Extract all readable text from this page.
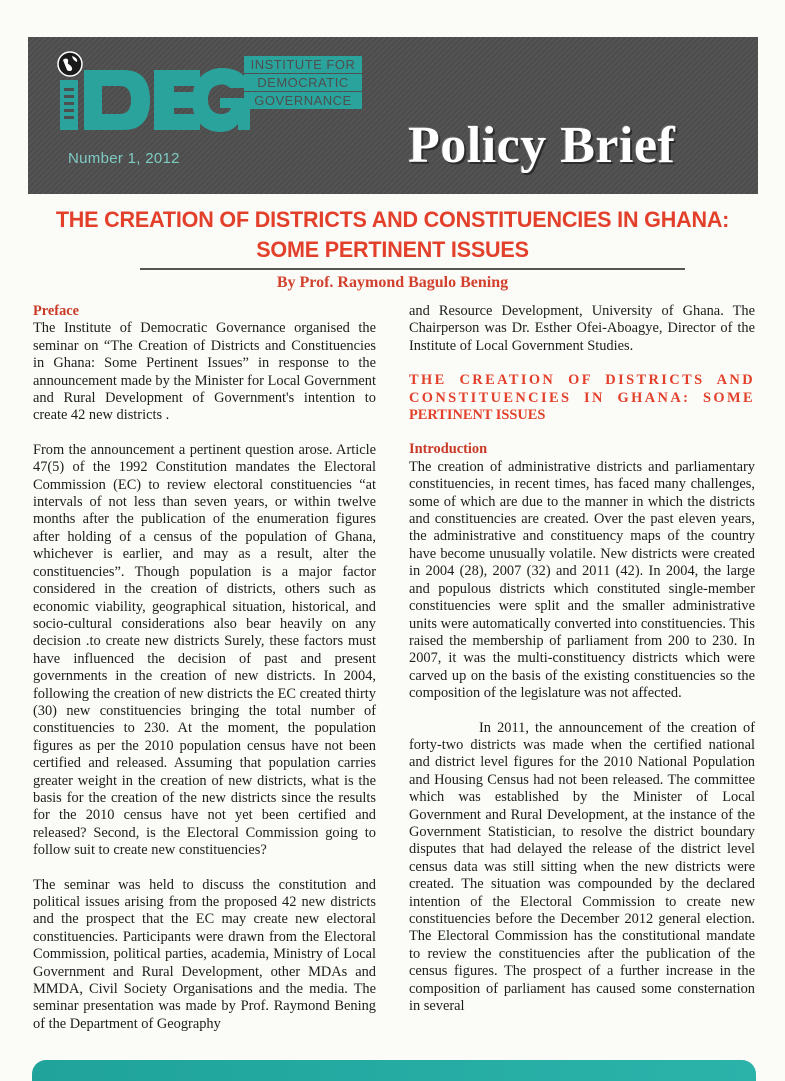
INSTITUTE FOR
DEMOCRATIC
GOVERNANCE
Number 1, 2012	Policy Brief
THE CREATION OF DISTRICTS AND CONSTITUENCIES IN GHANA:
SOME PERTINENT ISSUES
By Prof. Raymond Bagulo Bening

Preface

The Institute of Democratic Governance organised the seminar on “The Creation of Districts and Constituencies in Ghana: Some Pertinent Issues” in response to the announcement made by the Minister for Local Government and Rural Development of Government's intention to create 42 new districts .

From the announcement a pertinent question arose. Article 47(5) of the 1992 Constitution mandates the Electoral Commission (EC) to review electoral constituencies “at intervals of not less than seven years, or within twelve months after the publication of the enumeration figures after holding of a census of the population of Ghana, whichever is earlier, and may as a result, alter the constituencies”. Though population is a major factor considered in the creation of districts, others such as economic viability, geographical situation, historical, and socio-cultural considerations also bear heavily on any decision .to create new districts Surely, these factors must have influenced the decision of past and present governments in the creation of new districts. In 2004, following the creation of new districts the EC created thirty (30) new constituencies bringing the total number of constituencies to 230. At the moment, the population figures as per the 2010 population census have not been certified and released. Assuming that population carries greater weight in the creation of new districts, what is the basis for the creation of the new districts since the results for the 2010 census have not yet been certified and released? Second, is the Electoral Commission going to follow suit to create new constituencies?

The seminar was held to discuss the constitution and political issues arising from the proposed 42 new districts and the prospect that the EC may create new electoral constituencies. Participants were drawn from the Electoral Commission, political parties, academia, Ministry of Local Government and Rural Development, other MDAs and MMDA, Civil Society Organisations and the media. The seminar presentation was made by Prof. Raymond Bening of the Department of Geography

and Resource Development, University of Ghana. The Chairperson was Dr. Esther Ofei-Aboagye, Director of the Institute of Local Government Studies.

THE CREATION OF DISTRICTS AND
CONSTITUENCIES IN GHANA: SOME
PERTINENT ISSUES

Introduction

The creation of administrative districts and parliamentary constituencies, in recent times, has faced many challenges, some of which are due to the manner in which the districts and constituencies are created. Over the past eleven years, the administrative and constituency maps of the country have become unusually volatile. New districts were created in 2004 (28), 2007 (32) and 2011 (42). In 2004, the large and populous districts which constituted single-member constituencies were split and the smaller administrative units were automatically converted into constituencies. This raised the membership of parliament from 200 to 230. In 2007, it was the multi-constituency districts which were carved up on the basis of the existing constituencies so the composition of the legislature was not affected.

In 2011, the announcement of the creation of forty-two districts was made when the certified national and district level figures for the 2010 National Population and Housing Census had not been released. The committee which was established by the Minister of Local Government and Rural Development, at the instance of the Government Statistician, to resolve the district boundary disputes that had delayed the release of the district level census data was still sitting when the new districts were created. The situation was compounded by the declared intention of the Electoral Commission to create new constituencies before the December 2012 general election. The Electoral Commission has the constitutional mandate to review the constituencies after the publication of the census figures. The prospect of a further increase in the composition of parliament has caused some consternation in several
